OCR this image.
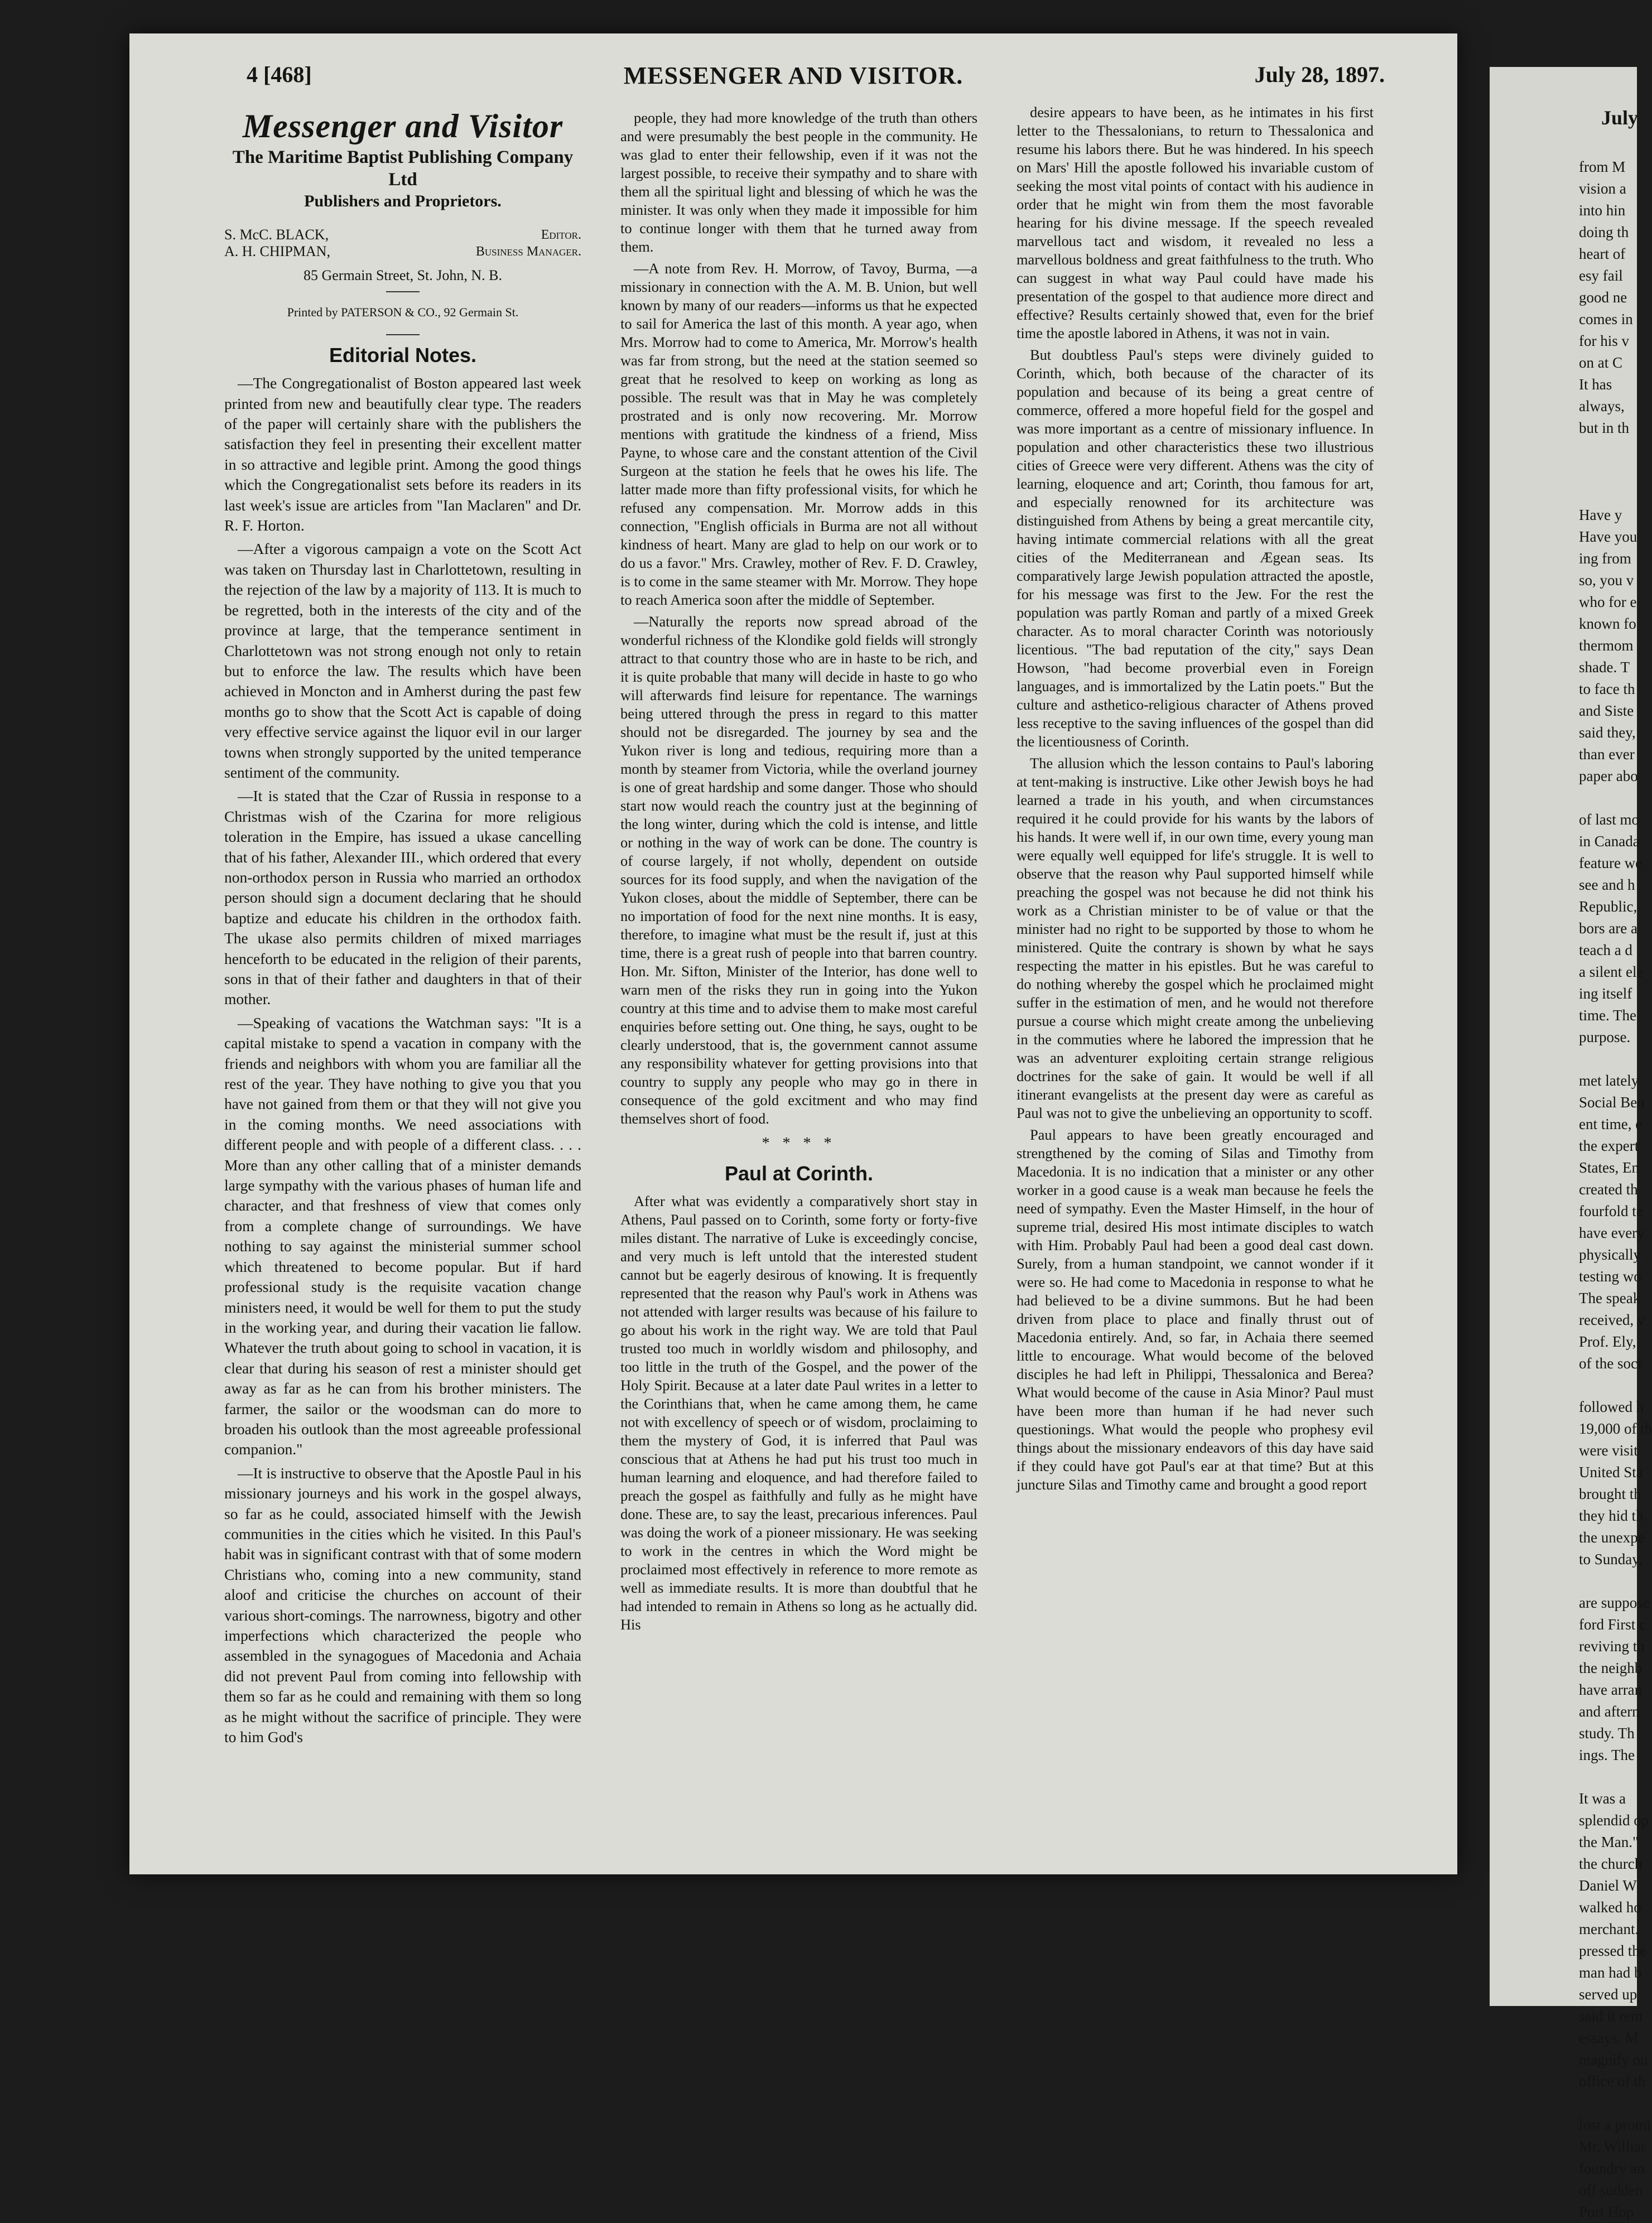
4 [468]	MESSENGER AND VISITOR.	July 28, 1897.
Messenger and Visitor
The Maritime Baptist Publishing Company Ltd
Publishers and Proprietors.
S. McC. BLACK,	Editor.
A. H. CHIPMAN,	Business Manager.
85 Germain Street, St. John, N. B.
Printed by PATERSON & CO., 92 Germain St.
Editorial Notes.

—The Congregationalist of Boston appeared last week printed from new and beautifully clear type. The readers of the paper will certainly share with the publishers the satisfaction they feel in presenting their excellent matter in so attractive and legible print. Among the good things which the Congregationalist sets before its readers in its last week's issue are articles from "Ian Maclaren" and Dr. R. F. Horton.

—After a vigorous campaign a vote on the Scott Act was taken on Thursday last in Charlottetown, resulting in the rejection of the law by a majority of 113. It is much to be regretted, both in the interests of the city and of the province at large, that the temperance sentiment in Charlottetown was not strong enough not only to retain but to enforce the law. The results which have been achieved in Moncton and in Amherst during the past few months go to show that the Scott Act is capable of doing very effective service against the liquor evil in our larger towns when strongly supported by the united temperance sentiment of the community.

—It is stated that the Czar of Russia in response to a Christmas wish of the Czarina for more religious toleration in the Empire, has issued a ukase cancelling that of his father, Alexander III., which ordered that every non-orthodox person in Russia who married an orthodox person should sign a document declaring that he should baptize and educate his children in the orthodox faith. The ukase also permits children of mixed marriages henceforth to be educated in the religion of their parents, sons in that of their father and daughters in that of their mother.

—Speaking of vacations the Watchman says: "It is a capital mistake to spend a vacation in company with the friends and neighbors with whom you are familiar all the rest of the year. They have nothing to give you that you have not gained from them or that they will not give you in the coming months. We need associations with different people and with people of a different class. . . . More than any other calling that of a minister demands large sympathy with the various phases of human life and character, and that freshness of view that comes only from a complete change of surroundings. We have nothing to say against the ministerial summer school which threatened to become popular. But if hard professional study is the requisite vacation change ministers need, it would be well for them to put the study in the working year, and during their vacation lie fallow. Whatever the truth about going to school in vacation, it is clear that during his season of rest a minister should get away as far as he can from his brother ministers. The farmer, the sailor or the woodsman can do more to broaden his outlook than the most agreeable professional companion."

—It is instructive to observe that the Apostle Paul in his missionary journeys and his work in the gospel always, so far as he could, associated himself with the Jewish communities in the cities which he visited. In this Paul's habit was in significant contrast with that of some modern Christians who, coming into a new community, stand aloof and criticise the churches on account of their various short-comings. The narrowness, bigotry and other imperfections which characterized the people who assembled in the synagogues of Macedonia and Achaia did not prevent Paul from coming into fellowship with them so far as he could and remaining with them so long as he might without the sacrifice of principle. They were to him God's

people, they had more knowledge of the truth than others and were presumably the best people in the community. He was glad to enter their fellowship, even if it was not the largest possible, to receive their sympathy and to share with them all the spiritual light and blessing of which he was the minister. It was only when they made it impossible for him to continue longer with them that he turned away from them.

—A note from Rev. H. Morrow, of Tavoy, Burma, —a missionary in connection with the A. M. B. Union, but well known by many of our readers—informs us that he expected to sail for America the last of this month. A year ago, when Mrs. Morrow had to come to America, Mr. Morrow's health was far from strong, but the need at the station seemed so great that he resolved to keep on working as long as possible. The result was that in May he was completely prostrated and is only now recovering. Mr. Morrow mentions with gratitude the kindness of a friend, Miss Payne, to whose care and the constant attention of the Civil Surgeon at the station he feels that he owes his life. The latter made more than fifty professional visits, for which he refused any compensation. Mr. Morrow adds in this connection, "English officials in Burma are not all without kindness of heart. Many are glad to help on our work or to do us a favor." Mrs. Crawley, mother of Rev. F. D. Crawley, is to come in the same steamer with Mr. Morrow. They hope to reach America soon after the middle of September.

—Naturally the reports now spread abroad of the wonderful richness of the Klondike gold fields will strongly attract to that country those who are in haste to be rich, and it is quite probable that many will decide in haste to go who will afterwards find leisure for repentance. The warnings being uttered through the press in regard to this matter should not be disregarded. The journey by sea and the Yukon river is long and tedious, requiring more than a month by steamer from Victoria, while the overland journey is one of great hardship and some danger. Those who should start now would reach the country just at the beginning of the long winter, during which the cold is intense, and little or nothing in the way of work can be done. The country is of course largely, if not wholly, dependent on outside sources for its food supply, and when the navigation of the Yukon closes, about the middle of September, there can be no importation of food for the next nine months. It is easy, therefore, to imagine what must be the result if, just at this time, there is a great rush of people into that barren country. Hon. Mr. Sifton, Minister of the Interior, has done well to warn men of the risks they run in going into the Yukon country at this time and to advise them to make most careful enquiries before setting out. One thing, he says, ought to be clearly understood, that is, the government cannot assume any responsibility whatever for getting provisions into that country to supply any people who may go in there in consequence of the gold excitment and who may find themselves short of food.

* * * *
Paul at Corinth.

After what was evidently a comparatively short stay in Athens, Paul passed on to Corinth, some forty or forty-five miles distant. The narrative of Luke is exceedingly concise, and very much is left untold that the interested student cannot but be eagerly desirous of knowing. It is frequently represented that the reason why Paul's work in Athens was not attended with larger results was because of his failure to go about his work in the right way. We are told that Paul trusted too much in worldly wisdom and philosophy, and too little in the truth of the Gospel, and the power of the Holy Spirit. Because at a later date Paul writes in a letter to the Corinthians that, when he came among them, he came not with excellency of speech or of wisdom, proclaiming to them the mystery of God, it is inferred that Paul was conscious that at Athens he had put his trust too much in human learning and eloquence, and had therefore failed to preach the gospel as faithfully and fully as he might have done. These are, to say the least, precarious inferences. Paul was doing the work of a pioneer missionary. He was seeking to work in the centres in which the Word might be proclaimed most effectively in reference to more remote as well as immediate results. It is more than doubtful that he had intended to remain in Athens so long as he actually did. His

desire appears to have been, as he intimates in his first letter to the Thessalonians, to return to Thessalonica and resume his labors there. But he was hindered. In his speech on Mars' Hill the apostle followed his invariable custom of seeking the most vital points of contact with his audience in order that he might win from them the most favorable hearing for his divine message. If the speech revealed marvellous tact and wisdom, it revealed no less a marvellous boldness and great faithfulness to the truth. Who can suggest in what way Paul could have made his presentation of the gospel to that audience more direct and effective? Results certainly showed that, even for the brief time the apostle labored in Athens, it was not in vain.

But doubtless Paul's steps were divinely guided to Corinth, which, both because of the character of its population and because of its being a great centre of commerce, offered a more hopeful field for the gospel and was more important as a centre of missionary influence. In population and other characteristics these two illustrious cities of Greece were very different. Athens was the city of learning, eloquence and art; Corinth, thou famous for art, and especially renowned for its architecture was distinguished from Athens by being a great mercantile city, having intimate commercial relations with all the great cities of the Mediterranean and Ægean seas. Its comparatively large Jewish population attracted the apostle, for his message was first to the Jew. For the rest the population was partly Roman and partly of a mixed Greek character. As to moral character Corinth was notoriously licentious. "The bad reputation of the city," says Dean Howson, "had become proverbial even in Foreign languages, and is immortalized by the Latin poets." But the culture and asthetico-religious character of Athens proved less receptive to the saving influences of the gospel than did the licentiousness of Corinth.

The allusion which the lesson contains to Paul's laboring at tent-making is instructive. Like other Jewish boys he had learned a trade in his youth, and when circumstances required it he could provide for his wants by the labors of his hands. It were well if, in our own time, every young man were equally well equipped for life's struggle. It is well to observe that the reason why Paul supported himself while preaching the gospel was not because he did not think his work as a Christian minister to be of value or that the minister had no right to be supported by those to whom he ministered. Quite the contrary is shown by what he says respecting the matter in his epistles. But he was careful to do nothing whereby the gospel which he proclaimed might suffer in the estimation of men, and he would not therefore pursue a course which might create among the unbelieving in the commuties where he labored the impression that he was an adventurer exploiting certain strange religious doctrines for the sake of gain. It would be well if all itinerant evangelists at the present day were as careful as Paul was not to give the unbelieving an opportunity to scoff.

Paul appears to have been greatly encouraged and strengthened by the coming of Silas and Timothy from Macedonia. It is no indication that a minister or any other worker in a good cause is a weak man because he feels the need of sympathy. Even the Master Himself, in the hour of supreme trial, desired His most intimate disciples to watch with Him. Probably Paul had been a good deal cast down. Surely, from a human standpoint, we cannot wonder if it were so. He had come to Macedonia in response to what he had believed to be a divine summons. But he had been driven from place to place and finally thrust out of Macedonia entirely. And, so far, in Achaia there seemed little to encourage. What would become of the beloved disciples he had left in Philippi, Thessalonica and Berea? What would become of the cause in Asia Minor? Paul must have been more than human if he had never such questionings. What would the people who prophesy evil things about the missionary endeavors of this day have said if they could have got Paul's ear at that time? But at this juncture Silas and Timothy came and brought a good report

July
from M
vision a
into hin
doing th
heart of
esy fail
good ne
comes in
for his v
on at C
It has
always,
but in th

Have y
Have you
ing from
so, you v
who for e
known fo
thermom
shade. T
to face th
and Siste
said they,
than ever
paper abo

of last mo
in Canada
feature we
see and h
Republic,
bors are a
teach a d
a silent ele
ing itself
time. The
purpose.

met lately
Social Ben
ent time, e
the expert
States, En
created th
fourfold te
have every
physically
testing wo
The speak
received, v
Prof. Ely,
of the soci

followed h
19,000 of th
were visit
United Sta
brought th
they hid th
the unexpe
to Sunday,

are suppose
ford First c
reviving th
the neighb
have arran
and aftern
study. Th
ings. The

It was a
splendid op
the Man."
the church
Daniel W
walked ho
merchant.
pressed the
man had b
served up
said it rem
essays. M
magnify ou
office of th

lost a promi
Mr. Williar
foundry an
off sudden
Port Hop
